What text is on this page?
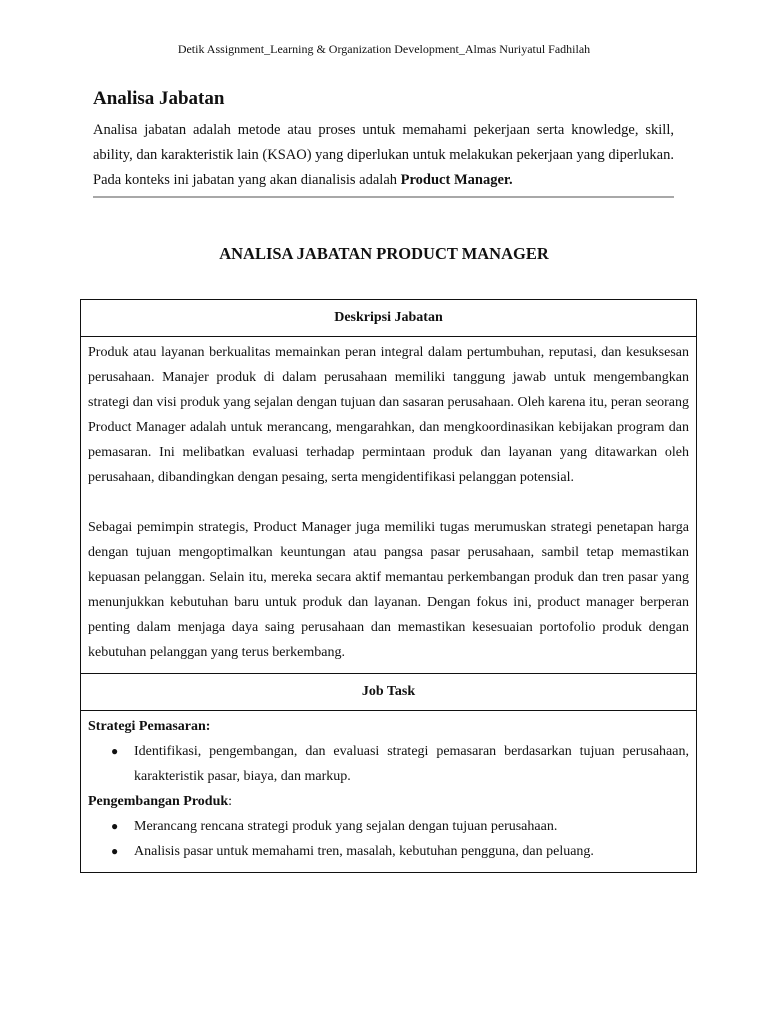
Detik Assignment_Learning & Organization Development_Almas Nuriyatul Fadhilah
Analisa Jabatan

Analisa jabatan adalah metode atau proses untuk memahami pekerjaan serta knowledge, skill, ability, dan karakteristik lain (KSAO) yang diperlukan untuk melakukan pekerjaan yang diperlukan. Pada konteks ini jabatan yang akan dianalisis adalah Product Manager.

ANALISA JABATAN PRODUCT MANAGER
Deskripsi Jabatan

Produk atau layanan berkualitas memainkan peran integral dalam pertumbuhan, reputasi, dan kesuksesan perusahaan. Manajer produk di dalam perusahaan memiliki tanggung jawab untuk mengembangkan strategi dan visi produk yang sejalan dengan tujuan dan sasaran perusahaan. Oleh karena itu, peran seorang Product Manager adalah untuk merancang, mengarahkan, dan mengkoordinasikan kebijakan program dan pemasaran. Ini melibatkan evaluasi terhadap permintaan produk dan layanan yang ditawarkan oleh perusahaan, dibandingkan dengan pesaing, serta mengidentifikasi pelanggan potensial.

Sebagai pemimpin strategis, Product Manager juga memiliki tugas merumuskan strategi penetapan harga dengan tujuan mengoptimalkan keuntungan atau pangsa pasar perusahaan, sambil tetap memastikan kepuasan pelanggan. Selain itu, mereka secara aktif memantau perkembangan produk dan tren pasar yang menunjukkan kebutuhan baru untuk produk dan layanan. Dengan fokus ini, product manager berperan penting dalam menjaga daya saing perusahaan dan memastikan kesesuaian portofolio produk dengan kebutuhan pelanggan yang terus berkembang.

Job Task

Strategi Pemasaran:

● Identifikasi, pengembangan, dan evaluasi strategi pemasaran berdasarkan tujuan perusahaan, karakteristik pasar, biaya, dan markup.

Pengembangan Produk:

● Merancang rencana strategi produk yang sejalan dengan tujuan perusahaan.
● Analisis pasar untuk memahami tren, masalah, kebutuhan pengguna, dan peluang.
